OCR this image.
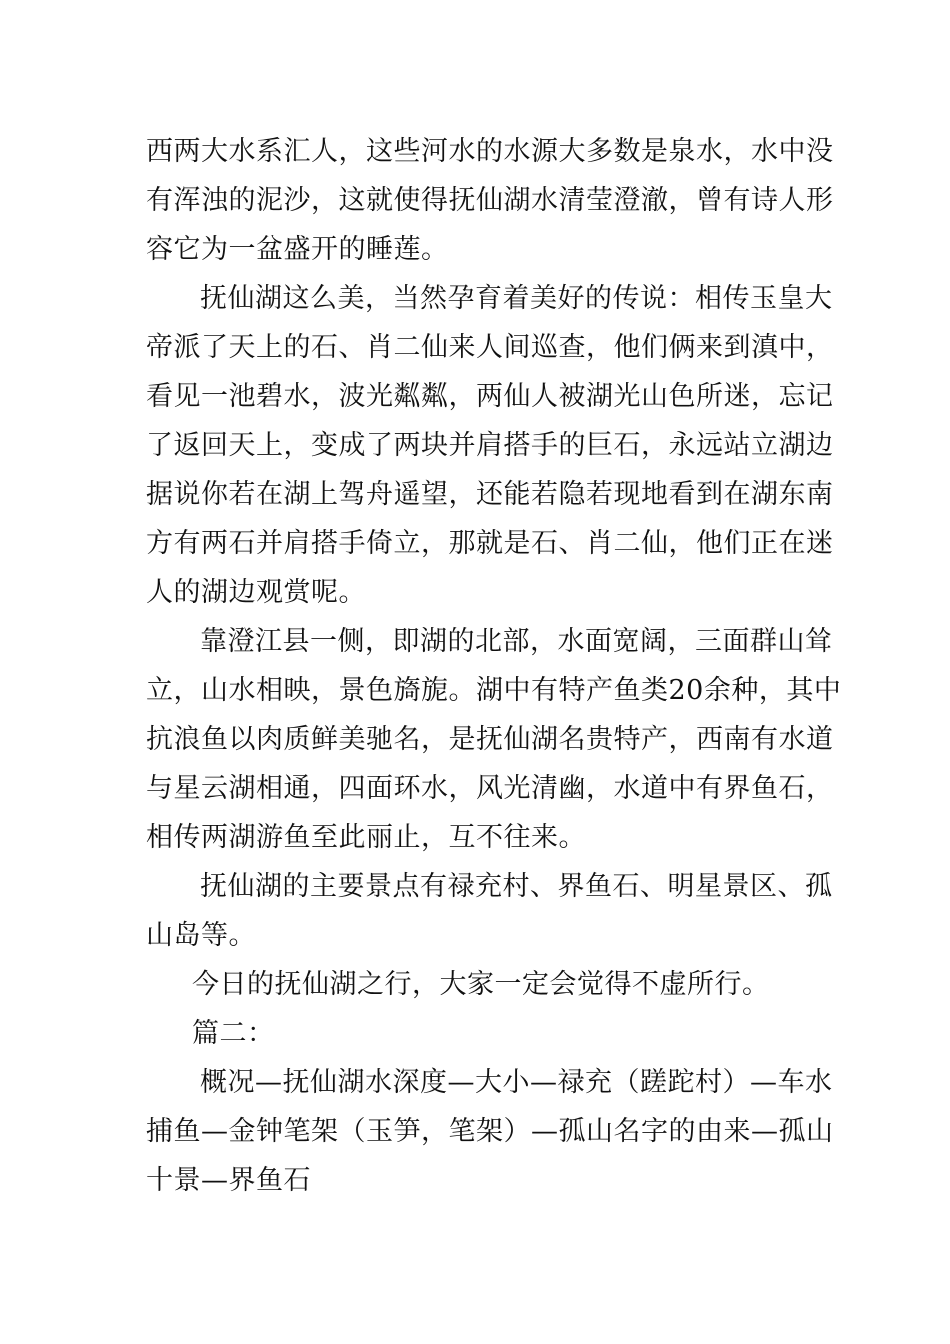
西两大水系汇人，这些河水的水源大多数是泉水，水中没
有浑浊的泥沙，这就使得抚仙湖水清莹澄澈，曾有诗人形
容它为一盆盛开的睡莲。
抚仙湖这么美，当然孕育着美好的传说：相传玉皇大
帝派了天上的石、肖二仙来人间巡查，他们俩来到滇中，
看见一池碧水，波光粼粼，两仙人被湖光山色所迷，忘记
了返回天上，变成了两块并肩搭手的巨石，永远站立湖边
据说你若在湖上驾舟遥望，还能若隐若现地看到在湖东南
方有两石并肩搭手倚立，那就是石、肖二仙，他们正在迷
人的湖边观赏呢。
靠澄江县一侧，即湖的北部，水面宽阔，三面群山耸
立，山水相映，景色旖旎。湖中有特产鱼类20余种，其中
抗浪鱼以肉质鲜美驰名，是抚仙湖名贵特产，西南有水道
与星云湖相通，四面环水，风光清幽，水道中有界鱼石，
相传两湖游鱼至此丽止，互不往来。
抚仙湖的主要景点有禄充村、界鱼石、明星景区、孤
山岛等。
今日的抚仙湖之行，大家一定会觉得不虚所行。
篇二：
概况—抚仙湖水深度—大小—禄充（蹉跎村）—车水
捕鱼—金钟笔架（玉笋，笔架）—孤山名字的由来—孤山
十景—界鱼石
